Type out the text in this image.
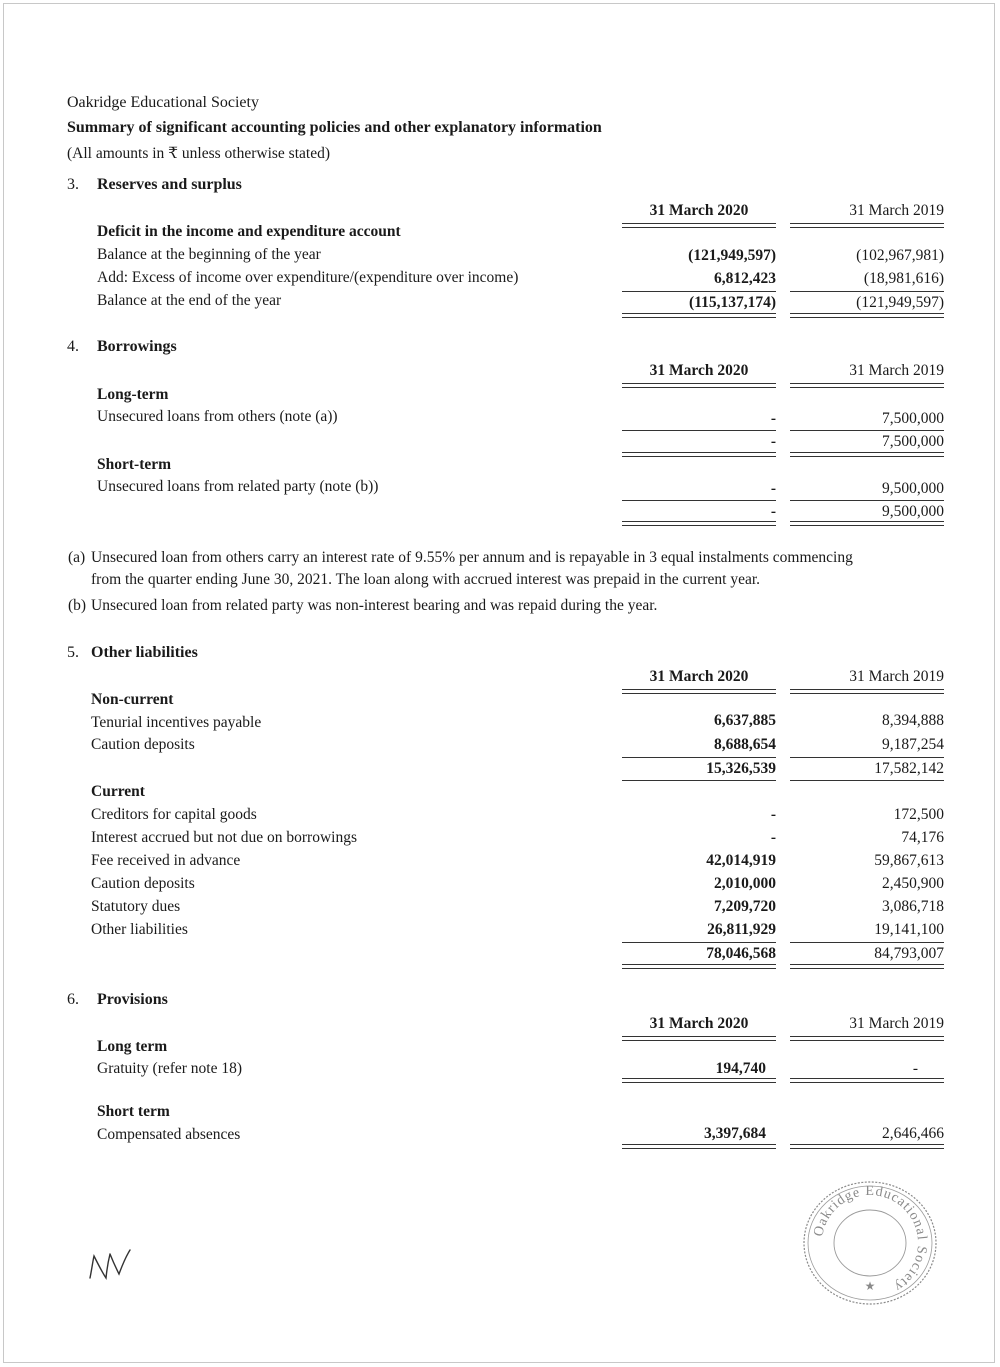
Oakridge Educational Society
Summary of significant accounting policies and other explanatory information
(All amounts in ₹ unless otherwise stated)
3. Reserves and surplus
31 March 2020	31 March 2019
Deficit in the income and expenditure account
Balance at the beginning of the year	(121,949,597)	(102,967,981)
Add: Excess of income over expenditure/(expenditure over income)	6,812,423	(18,981,616)
Balance at the end of the year	(115,137,174)	(121,949,597)
4. Borrowings
31 March 2020	31 March 2019
Long-term
Unsecured loans from others (note (a))	-	7,500,000
-	7,500,000
Short-term
Unsecured loans from related party (note (b))	-	9,500,000
-	9,500,000
(a) Unsecured loan from others carry an interest rate of 9.55% per annum and is repayable in 3 equal instalments commencing
from the quarter ending June 30, 2021. The loan along with accrued interest was prepaid in the current year.
(b) Unsecured loan from related party was non-interest bearing and was repaid during the year.
5. Other liabilities
31 March 2020	31 March 2019
Non-current
Tenurial incentives payable	6,637,885	8,394,888
Caution deposits	8,688,654	9,187,254
15,326,539	17,582,142
Current
Creditors for capital goods	-	172,500
Interest accrued but not due on borrowings	-	74,176
Fee received in advance	42,014,919	59,867,613
Caution deposits	2,010,000	2,450,900
Statutory dues	7,209,720	3,086,718
Other liabilities	26,811,929	19,141,100
78,046,568	84,793,007
6. Provisions
31 March 2020	31 March 2019
Long term
Gratuity (refer note 18)	194,740	-
Short term
Compensated absences	3,397,684	2,646,466
Oakridge Educational Society
★
